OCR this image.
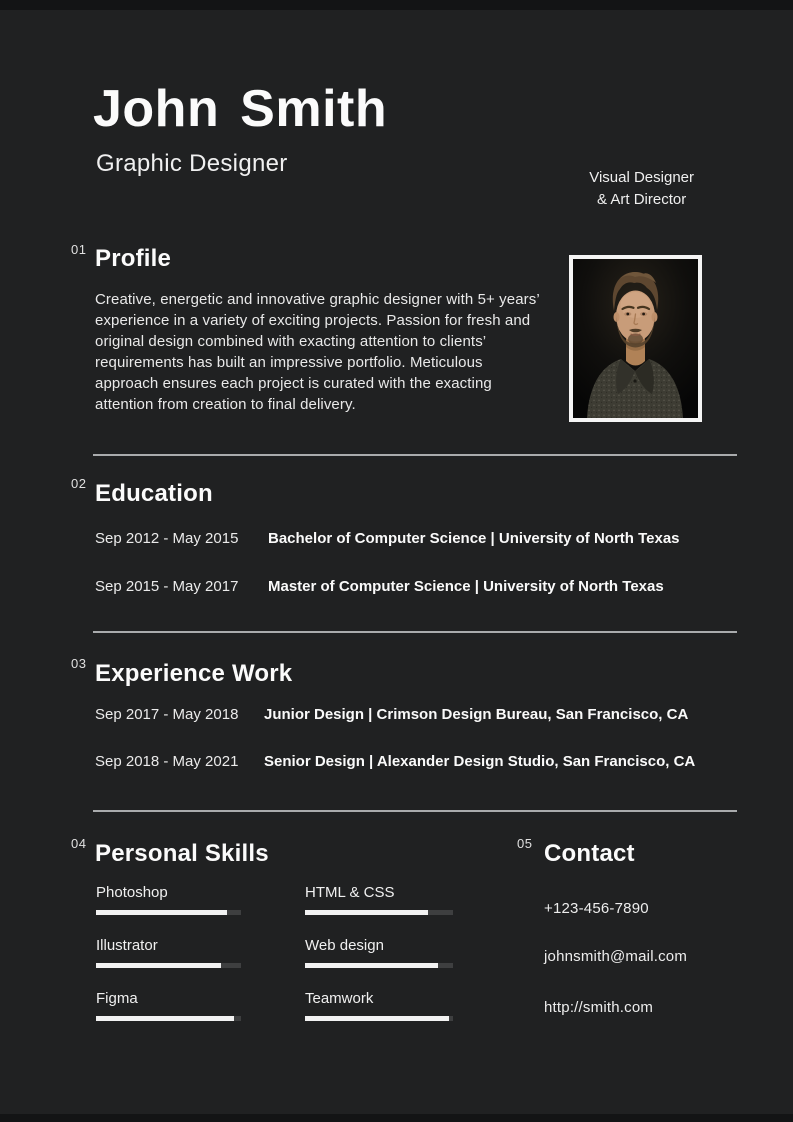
John Smith
Graphic Designer
Visual Designer
& Art Director
01 Profile
Creative, energetic and innovative graphic designer with 5+ years’ experience in a variety of exciting projects. Passion for fresh and original design combined with exacting attention to clients’ requirements has built an impressive portfolio. Meticulous approach ensures each project is curated with the exacting attention from creation to final delivery.
02 Education
Sep 2012 - May 2015 Bachelor of Computer Science | University of North Texas
Sep 2015 - May 2017 Master of Computer Science | University of North Texas
03 Experience Work
Sep 2017 - May 2018 Junior Design | Crimson Design Bureau, San Francisco, CA
Sep 2018 - May 2021 Senior Design | Alexander Design Studio, San Francisco, CA
04 Personal Skills
Photoshop
Illustrator
Figma
HTML & CSS
Web design
Teamwork
05 Contact
+123-456-7890
johnsmith@mail.com
http://smith.com
